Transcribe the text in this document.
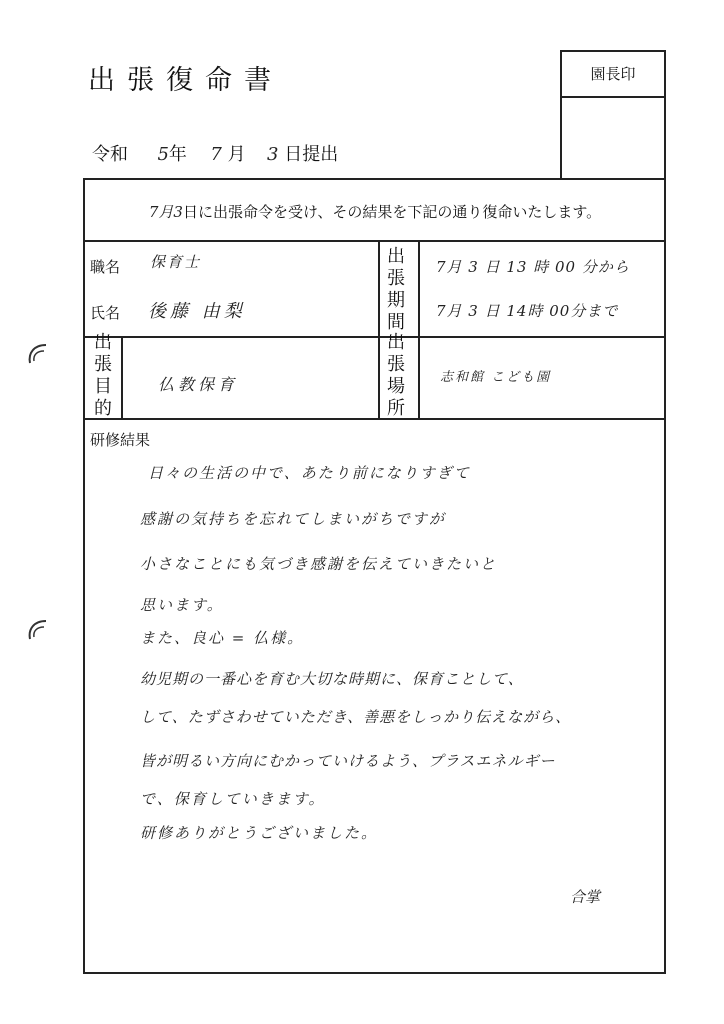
出張復命書	園長印
令和 5年 7 月 3 日提出
7月3日に出張命令を受け、その結果を下記の通り復命いたします。
職名 保育士
氏名 後藤 由梨
出
張
期
間
7月 3 日 13 時 00 分から
7月 3 日 14時 00分まで
出
張
目
的
仏教保育
出
張
場
所
志和館 こども園
研修結果
日々の生活の中で、あたり前になりすぎて
感謝の気持ちを忘れてしまいがちですが
小さなことにも気づき感謝を伝えていきたいと
思います。
また、良心 = 仏様。
幼児期の一番心を育む大切な時期に、保育ことして、
して、たずさわせていただき、善悪をしっかり伝えながら、
皆が明るい方向にむかっていけるよう、プラスエネルギー
で、保育していきます。
研修ありがとうございました。
合掌
